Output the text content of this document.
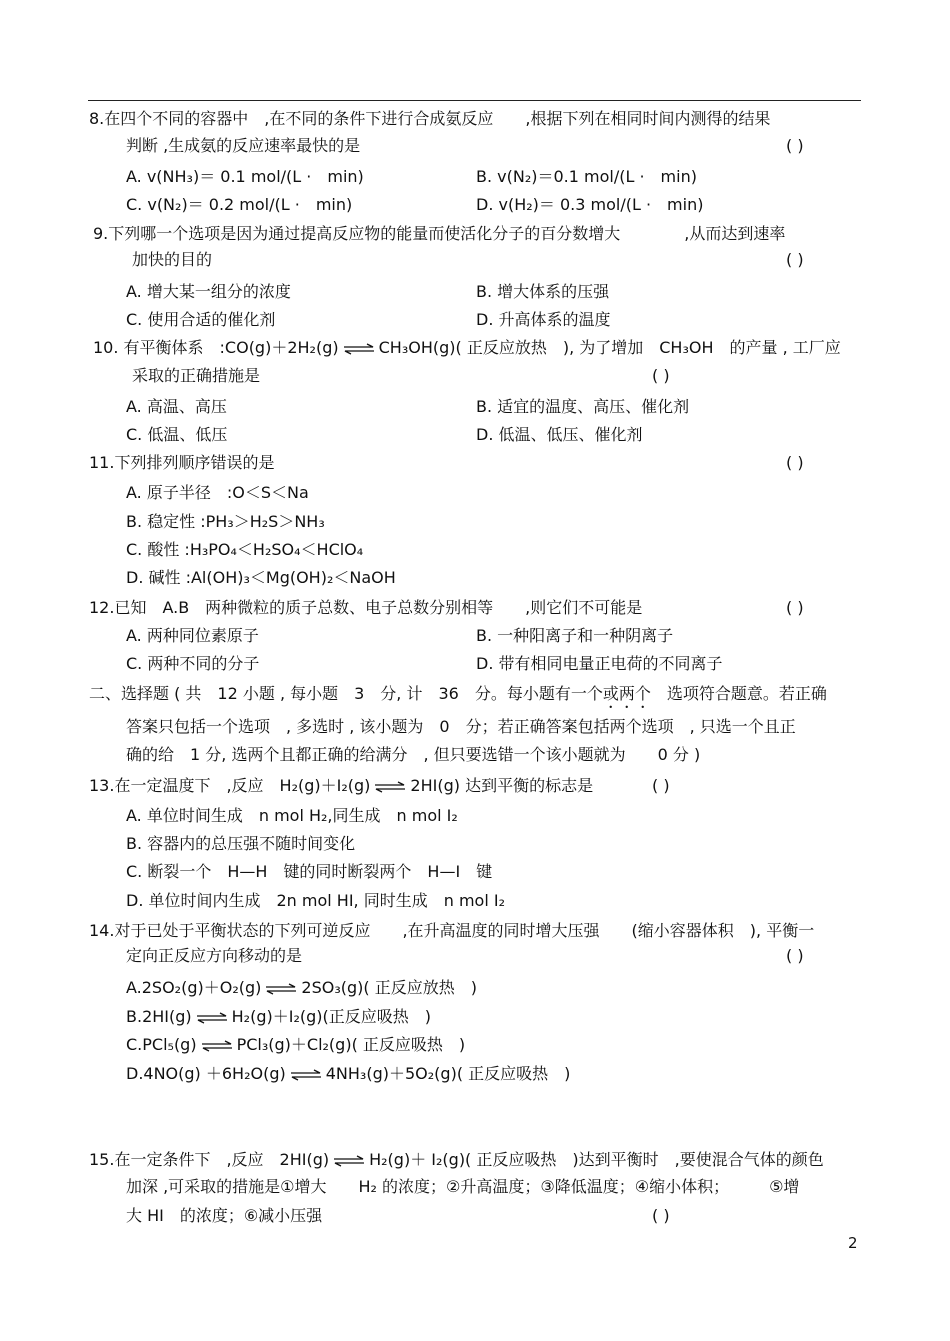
8.在四个不同的容器中　,在不同的条件下进行合成氨反应　　,根据下列在相同时间内测得的结果
判断 ,生成氨的反应速率最快的是	( )
A. v(NH₃)＝ 0.1 mol/(L ·　min)	B. v(N₂)＝0.1 mol/(L ·　min)
C. v(N₂)＝ 0.2 mol/(L ·　min)	D. v(H₂)＝ 0.3 mol/(L ·　min)
9.下列哪一个选项是因为通过提高反应物的能量而使活化分子的百分数增大　　　　,从而达到速率
加快的目的	( )
A. 增大某一组分的浓度	B. 增大体系的压强
C. 使用合适的催化剂	D. 升高体系的温度
10. 有平衡体系　:CO(g)＋2H₂(g) ⇌ CH₃OH(g)( 正反应放热　), 为了增加　CH₃OH　的产量 , 工厂应
采取的正确措施是	( )
A. 高温、高压	B. 适宜的温度、高压、催化剂
C. 低温、低压	D. 低温、低压、催化剂
11.下列排列顺序错误的是	( )
A. 原子半径　:O＜S＜Na
B. 稳定性 :PH₃＞H₂S＞NH₃
C. 酸性 :H₃PO₄＜H₂SO₄＜HClO₄
D. 碱性 :Al(OH)₃＜Mg(OH)₂＜NaOH
12.已知　A.B　两种微粒的质子总数、电子总数分别相等　　,则它们不可能是	( )
A. 两种同位素原子	B. 一种阳离子和一种阴离子
C. 两种不同的分子	D. 带有相同电量正电荷的不同离子
二、选择题 ( 共　12 小题 , 每小题　3　分, 计　36　分。每小题有一个或两个　选项符合题意。若正确
答案只包括一个选项　, 多选时 , 该小题为　0　分；若正确答案包括两个选项　, 只选一个且正
确的给　1 分, 选两个且都正确的给满分　, 但只要选错一个该小题就为　　0 分 )
13.在一定温度下　,反应　H₂(g)＋I₂(g) ⇌ 2HI(g) 达到平衡的标志是	( )
A. 单位时间生成　n mol H₂,同生成　n mol I₂
B. 容器内的总压强不随时间变化
C. 断裂一个　H—H　键的同时断裂两个　H—I　键
D. 单位时间内生成　2n mol HI, 同时生成　n mol I₂
14.对于已处于平衡状态的下列可逆反应　　,在升高温度的同时增大压强　　(缩小容器体积　), 平衡一
定向正反应方向移动的是	( )
A.2SO₂(g)＋O₂(g) ⇌ 2SO₃(g)( 正反应放热　)
B.2HI(g) ⇌ H₂(g)＋I₂(g)(正反应吸热　)
C.PCl₅(g) ⇌ PCl₃(g)＋Cl₂(g)( 正反应吸热　)
D.4NO(g) ＋6H₂O(g) ⇌ 4NH₃(g)＋5O₂(g)( 正反应吸热　)
15.在一定条件下　,反应　2HI(g) ⇌ H₂(g)＋ I₂(g)( 正反应吸热　)达到平衡时　,要使混合气体的颜色
加深 ,可采取的措施是①增大　　H₂ 的浓度；②升高温度；③降低温度；④缩小体积；　　　⑤增
大 HI　的浓度；⑥减小压强	( )
2
